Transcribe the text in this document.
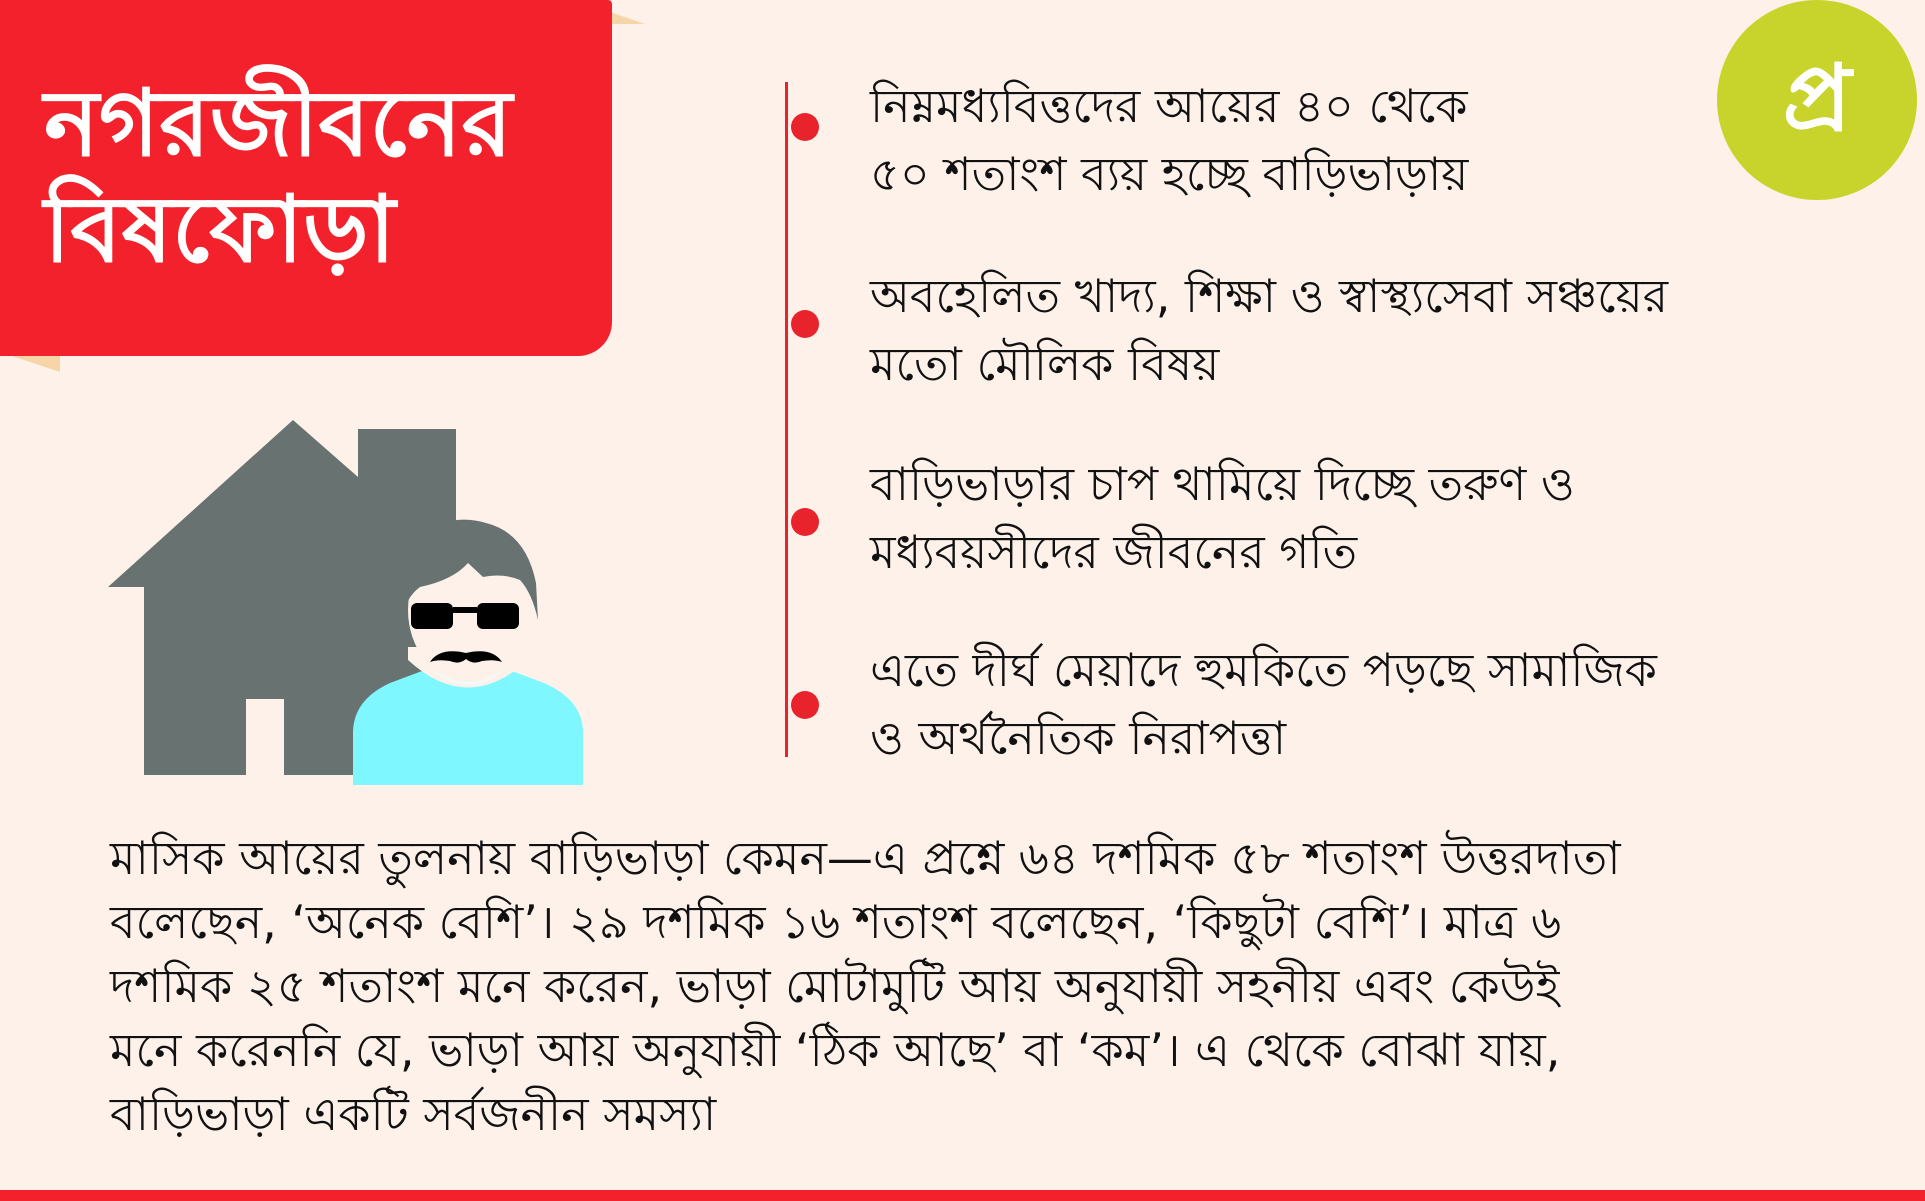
নগরজীবনের
বিষফোড়া
প্র
নিম্নমধ্যবিত্তদের আয়ের ৪০ থেকে
৫০ শতাংশ ব্যয় হচ্ছে বাড়িভাড়ায়
অবহেলিত খাদ্য, শিক্ষা ও স্বাস্থ্যসেবা সঞ্চয়ের
মতো মৌলিক বিষয়
বাড়িভাড়ার চাপ থামিয়ে দিচ্ছে তরুণ ও
মধ্যবয়সীদের জীবনের গতি
এতে দীর্ঘ মেয়াদে হুমকিতে পড়ছে সামাজিক
ও অর্থনৈতিক নিরাপত্তা
মাসিক আয়ের তুলনায় বাড়িভাড়া কেমন—এ প্রশ্নে ৬৪ দশমিক ৫৮ শতাংশ উত্তরদাতা
বলেছেন, ‘অনেক বেশি’। ২৯ দশমিক ১৬ শতাংশ বলেছেন, ‘কিছুটা বেশি’। মাত্র ৬
দশমিক ২৫ শতাংশ মনে করেন, ভাড়া মোটামুটি আয় অনুযায়ী সহনীয় এবং কেউই
মনে করেননি যে, ভাড়া আয় অনুযায়ী ‘ঠিক আছে’ বা ‘কম’। এ থেকে বোঝা যায়,
বাড়িভাড়া একটি সর্বজনীন সমস্যা
